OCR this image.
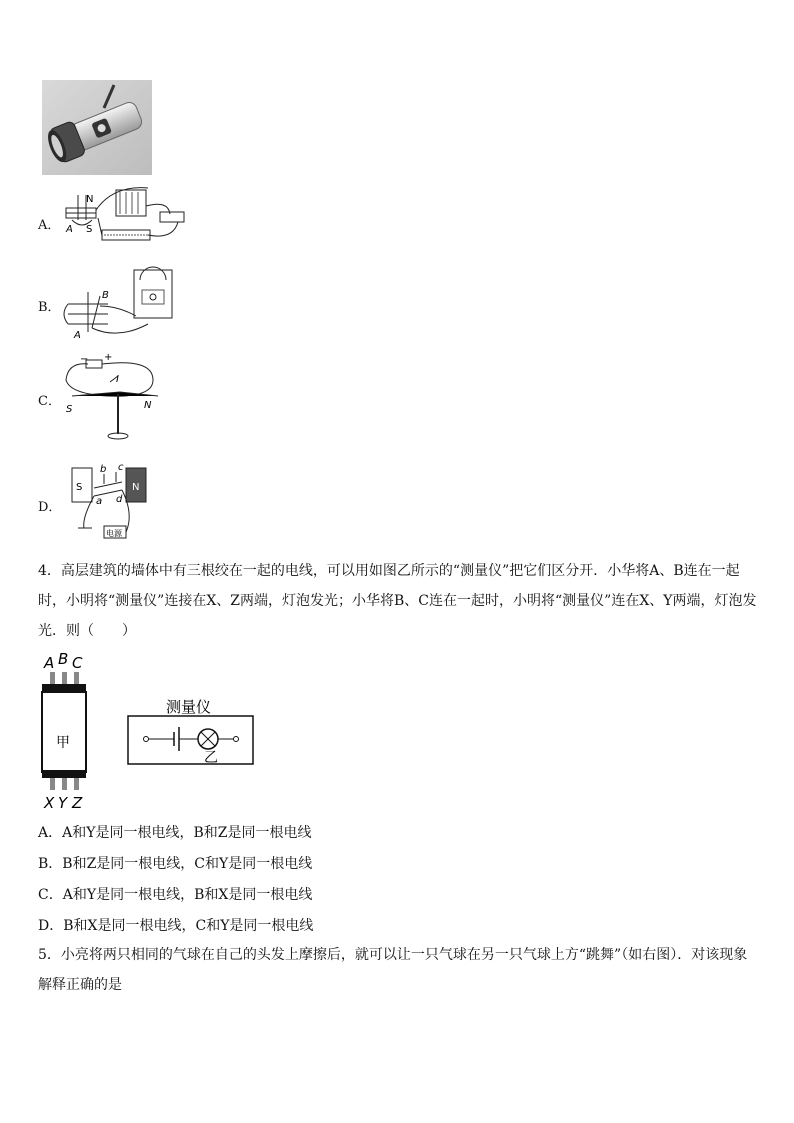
A．
N
A S
B．
B
A
C．
− +
I
S	N
D．
S	N
b c
a d
电源
4．高层建筑的墙体中有三根绞在一起的电线，可以用如图乙所示的“测量仪”把它们区分开．小华将A、B连在一起时，小明将“测量仪”连接在X、Z两端，灯泡发光；小华将B、C连在一起时，小明将“测量仪”连在X、Y两端，灯泡发光．则（　　）
A B C
甲
X Y Z
测量仪
乙
A．A和Y是同一根电线，B和Z是同一根电线
B．B和Z是同一根电线，C和Y是同一根电线
C．A和Y是同一根电线，B和X是同一根电线
D．B和X是同一根电线，C和Y是同一根电线
5．小亮将两只相同的气球在自己的头发上摩擦后，就可以让一只气球在另一只气球上方“跳舞”（如右图）．对该现象解释正确的是
